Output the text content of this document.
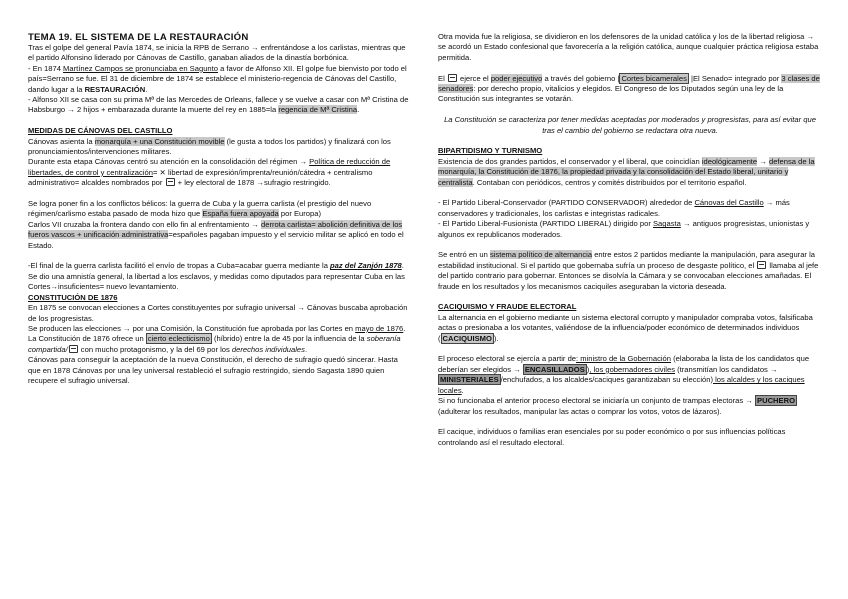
TEMA 19. EL SISTEMA DE LA RESTAURACIÓN

Tras el golpe del general Pavía 1874, se inicia la RPB de Serrano → enfrentándose a los carlistas, mientras que el partido Alfonsino liderado por Cánovas de Castillo, ganaban aliados de la dinastía borbónica.

- En 1874 Martínez Campos se pronunciaba en Sagunto a favor de Alfonso XII. El golpe fue bienvisto por todo el país=Serrano se fue. El 31 de diciembre de 1874 se establece el ministerio-regencia de Cánovas del Castillo, dando lugar a la RESTAURACIÓN.

- Alfonso XII se casa con su prima Mª de las Mercedes de Orleans, fallece y se vuelve a casar con Mª Cristina de Habsburgo → 2 hijos + embarazada durante la muerte del rey en 1885=la regencia de Mª Cristina.

MEDIDAS DE CÁNOVAS DEL CASTILLO

Cánovas asienta la monarquía + una Constitución movible (le gusta a todos los partidos) y finalizará con los pronunciamientos/intervenciones militares.

Durante esta etapa Cánovas centró su atención en la consolidación del régimen → Política de reducción de libertades, de control y centralización= ✕ libertad de expresión/imprenta/reunión/cátedra + centralismo administrativo= alcaldes nombrados por  + ley electoral de 1878 →sufragio restringido.

Se logra poner fin a los conflictos bélicos: la guerra de Cuba y la guerra carlista (el prestigio del nuevo régimen/carlismo estaba pasado de moda hizo que España fuera apoyada por Europa)

Carlos VII cruzaba la frontera dando con ello fin al enfrentamiento → derrota carlista= abolición definitiva de los fueros vascos + unificación administrativa=españoles pagaban impuesto y el servicio militar se aplicó en todo el Estado.

-El final de la guerra carlista facilitó el envío de tropas a Cuba=acabar guerra mediante la paz del Zanjón 1878. Se dio una amnistía general, la libertad a los esclavos, y medidas como diputados para representar Cuba en las Cortes→insuficientes= nuevo levantamiento.

CONSTITUCIÓN DE 1876

En 1875 se convocan elecciones a Cortes constituyentes por sufragio universal → Cánovas buscaba aprobación de los progresistas.

Se producen las elecciones → por una Comisión, la Constitución fue aprobada por las Cortes en mayo de 1876.

La Constitución de 1876 ofrece un cierto eclecticismo (híbrido) entre la de 45 por la influencia de la soberanía compartida/ con mucho protagonismo, y la del 69 por los derechos individuales.

Cánovas para conseguir la aceptación de la nueva Constitución, el derecho de sufragio quedó sincerar. Hasta que en 1878 Cánovas por una ley universal restableció el sufragio restringido, siendo Sagasta 1890 quien recupere el sufragio universal.

Otra movida fue la religiosa, se dividieron en los defensores de la unidad católica y los de la libertad religiosa → se acordó un Estado confesional que favorecería a la religión católica, aunque cualquier práctica religiosa estaba permitida.

El  ejerce el poder ejecutivo a través del gobierno | Cortes bicamerales |El Senado= integrado por 3 clases de senadores: por derecho propio, vitalicios y elegidos. El Congreso de los Diputados según una ley de la Constitución sus integrantes se votarán.

La Constitución se caracteriza por tener medidas aceptadas por moderados y progresistas, para así evitar que tras el cambio del gobierno se redactara otra nueva.

BIPARTIDISMO Y TURNISMO

Existencia de dos grandes partidos, el conservador y el liberal, que coincidían ideológicamente → defensa de la monarquía, la Constitución de 1876, la propiedad privada y la consolidación del Estado liberal, unitario y centralista. Contaban con periódicos, centros y comités distribuidos por el territorio español.

- El Partido Liberal-Conservador (PARTIDO CONSERVADOR) alrededor de Cánovas del Castillo → más conservadores y tradicionales, los carlistas e integristas radicales.

- El Partido Liberal-Fusionista (PARTIDO LIBERAL) dirigido por Sagasta → antiguos progresistas, unionistas y algunos ex republicanos moderados.

Se entró en un sistema político de alternancia entre estos 2 partidos mediante la manipulación, para asegurar la estabilidad institucional. Si el partido que gobernaba sufría un proceso de desgaste político, el  llamaba al jefe del partido contrario para gobernar. Entonces se disolvía la Cámara y se convocaban elecciones amañadas. El fraude en los resultados y los mecanismos caciquiles aseguraban la victoria deseada.

CACIQUISMO Y FRAUDE ELECTORAL

La alternancia en el gobierno mediante un sistema electoral corrupto y manipulador compraba votos, falsificaba actas o presionaba a los votantes, valiéndose de la influencia/poder económico de determinados individuos ( CACIQUISMO ).

El proceso electoral se ejercía a partir de: ministro de la Gobernación (elaboraba la lista de los candidatos que deberían ser elegidos → ENCASILLADOS ), los gobernadores civiles (transmitían los candidatos → MINISTERIALES /enchufados, a los alcaldes/caciques garantizaban su elección) los alcaldes y los caciques locales.

Si no funcionaba el anterior proceso electoral se iniciaría un conjunto de trampas electoras → PUCHERO (adulterar los resultados, manipular las actas o comprar los votos, votos de lázaros).

El cacique, individuos o familias eran esenciales por su poder económico o por sus influencias políticas controlando así el resultado electoral.
